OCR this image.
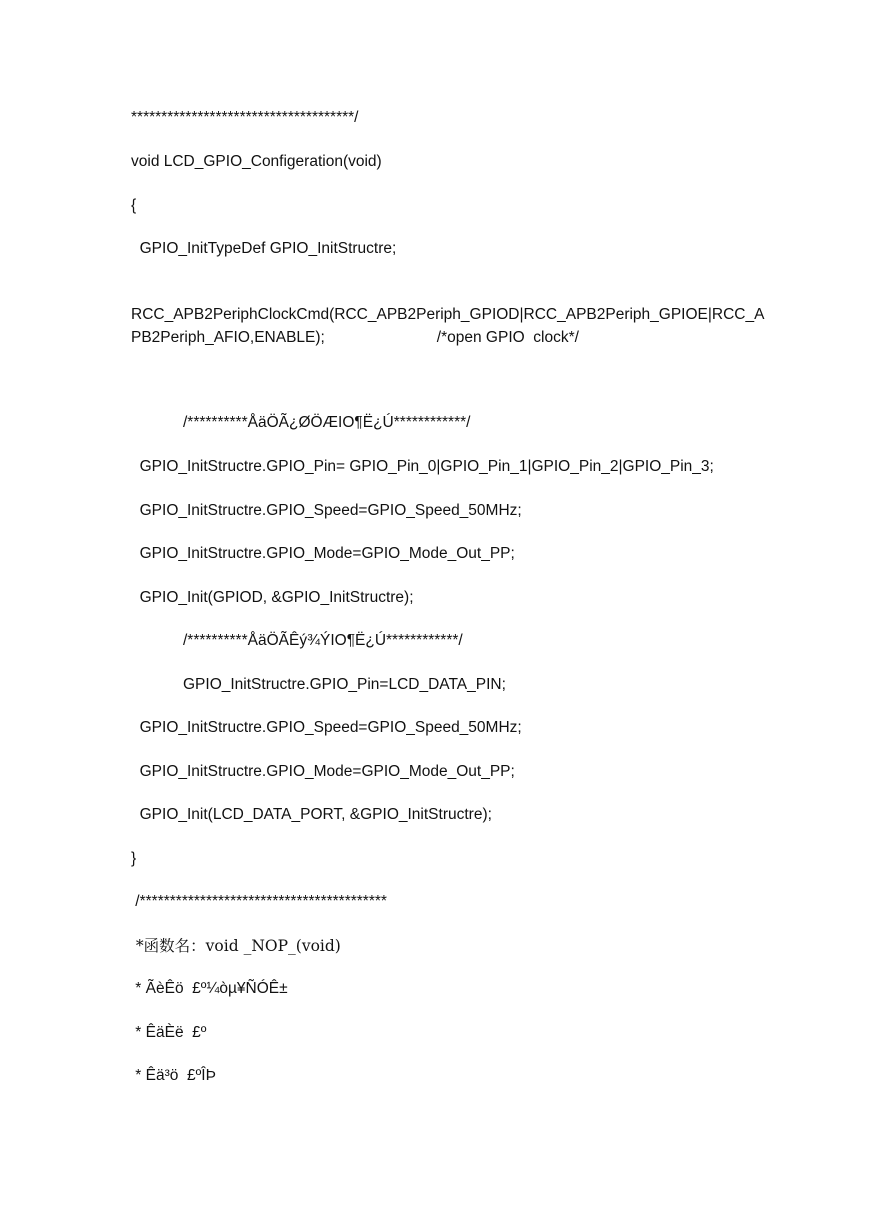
*************************************/
void LCD_GPIO_Configeration(void)
{
GPIO_InitTypeDef GPIO_InitStructre;
RCC_APB2PeriphClockCmd(RCC_APB2Periph_GPIOD|RCC_APB2Periph_GPIOE|RCC_A
PB2Periph_AFIO,ENABLE);                          /*open GPIO  clock*/
/**********ÅäÖÃ¿ØÖÆIO¶Ë¿Ú************/
GPIO_InitStructre.GPIO_Pin= GPIO_Pin_0|GPIO_Pin_1|GPIO_Pin_2|GPIO_Pin_3;
GPIO_InitStructre.GPIO_Speed=GPIO_Speed_50MHz;
GPIO_InitStructre.GPIO_Mode=GPIO_Mode_Out_PP;
GPIO_Init(GPIOD, &GPIO_InitStructre);
/**********ÅäÖÃÊý¾ÝIO¶Ë¿Ú************/
GPIO_InitStructre.GPIO_Pin=LCD_DATA_PIN;
GPIO_InitStructre.GPIO_Speed=GPIO_Speed_50MHz;
GPIO_InitStructre.GPIO_Mode=GPIO_Mode_Out_PP;
GPIO_Init(LCD_DATA_PORT, &GPIO_InitStructre);
}
/*****************************************
*函数名：void _NOP_(void)
* ÃèÊö  £º¼òµ¥ÑÓÊ±
* ÊäÈë  £º
* Êä³ö  £ºÎÞ
